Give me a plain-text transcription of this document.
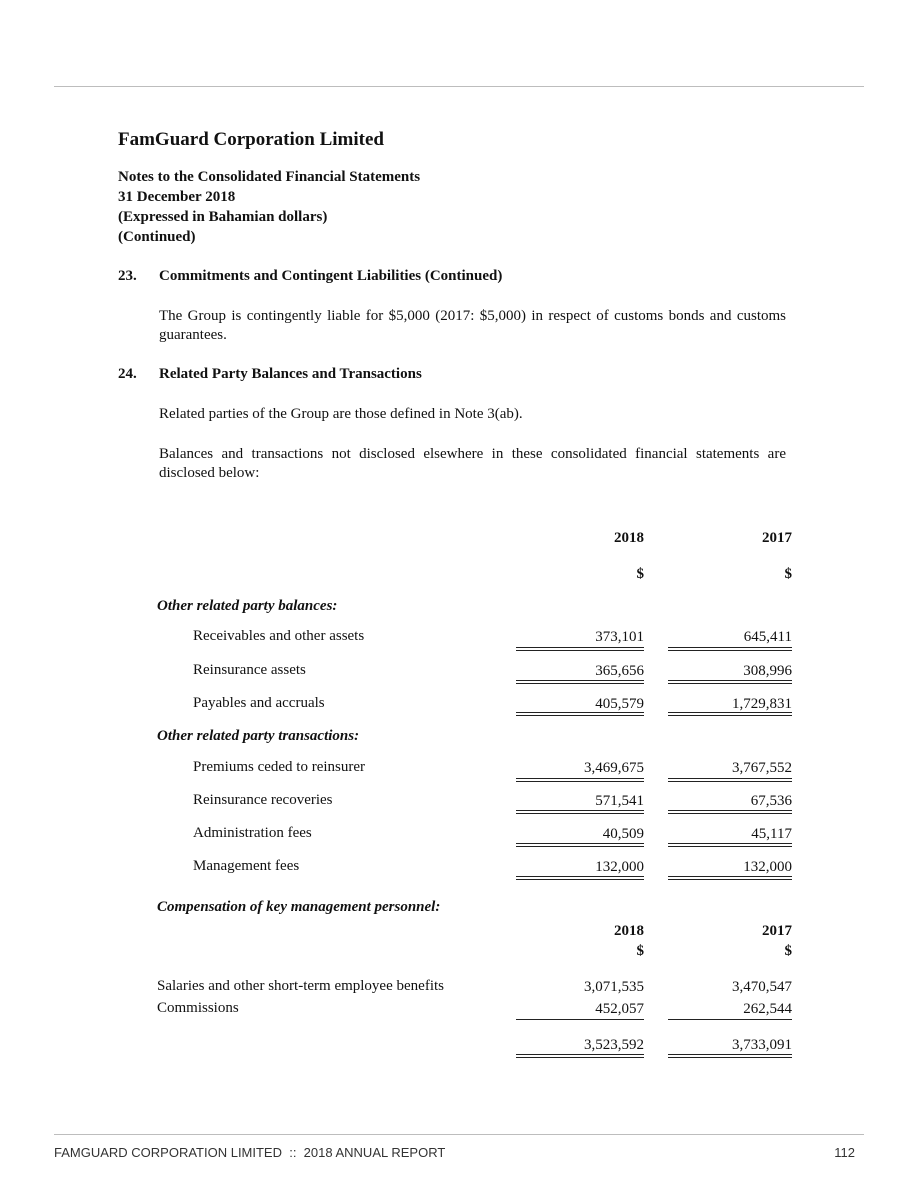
FamGuard Corporation Limited
Notes to the Consolidated Financial Statements
31 December 2018
(Expressed in Bahamian dollars)
(Continued)
23. Commitments and Contingent Liabilities (Continued)
The Group is contingently liable for $5,000 (2017: $5,000) in respect of customs bonds and customs guarantees.
24. Related Party Balances and Transactions
Related parties of the Group are those defined in Note 3(ab).
Balances and transactions not disclosed elsewhere in these consolidated financial statements are disclosed below:
2018	2017
$	$
Other related party balances:
Receivables and other assets	373,101	645,411
Reinsurance assets	365,656	308,996
Payables and accruals	405,579	1,729,831
Other related party transactions:
Premiums ceded to reinsurer	3,469,675	3,767,552
Reinsurance recoveries	571,541	67,536
Administration fees	40,509	45,117
Management fees	132,000	132,000
Compensation of key management personnel:
2018	2017
$	$
Salaries and other short-term employee benefits	3,071,535	3,470,547
Commissions	452,057	262,544
3,523,592	3,733,091
FAMGUARD CORPORATION LIMITED  ::  2018 ANNUAL REPORT	112
